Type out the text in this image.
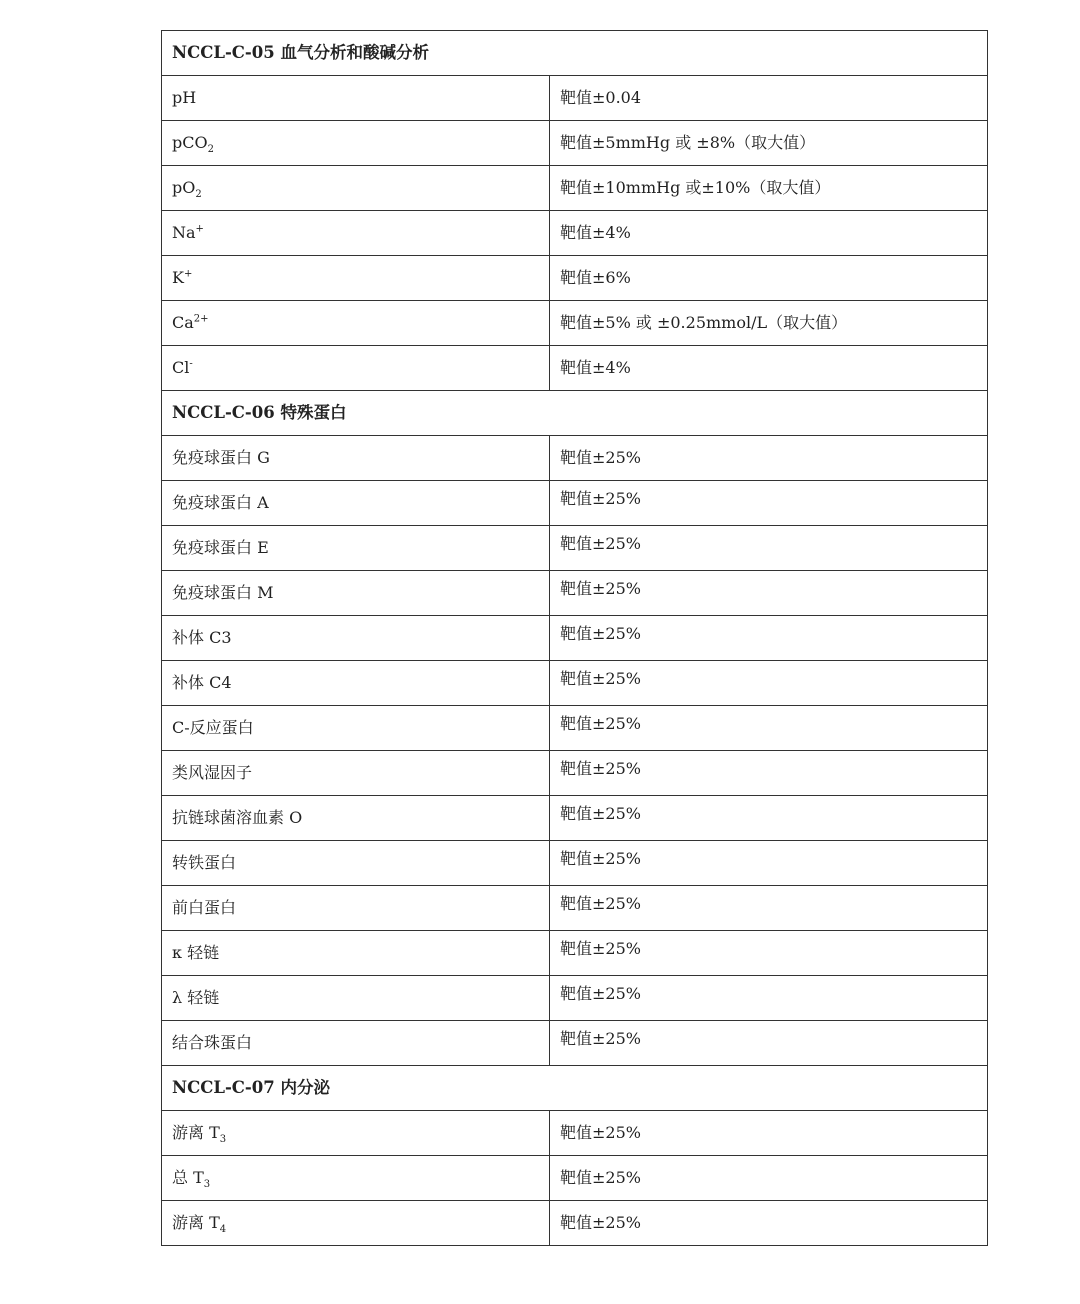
NCCL-C-05 血气分析和酸碱分析	
pH	靶值±0.04
pCO$_2$	靶值±5mmHg 或 ±8%（取大值）
$pO_2$	靶值±10mmHg 或±10%（取大值）
Na+	靶值±4%
K+	靶值±6%
$Ca^{2+}$	靶值±5% 或 ±0.25mmol/L（取大值）
Cl-	靶值±4%
NCCL-C-06 特殊蛋白	
免疫球蛋白 G	靶值±25%
免疫球蛋白 A	靶值±25%
免疫球蛋白 E	靶值±25%
免疫球蛋白 M	靶值±25%
补体 C3	靶值±25%
补体 C4	靶值±25%
C-反应蛋白	靶值±25%
类风湿因子	靶值±25%
抗链球菌溶血素 O	靶值±25%
转铁蛋白	靶值±25%
前白蛋白	靶值±25%
κ 轻链	靶值±25%
λ 轻链	靶值±25%
结合珠蛋白	靶值±25%
NCCL-C-07 内分泌	
游离 $T_3$	靶值±25%
总 $T_3$	靶值±25%
游离 $T_4$	靶值±25%
